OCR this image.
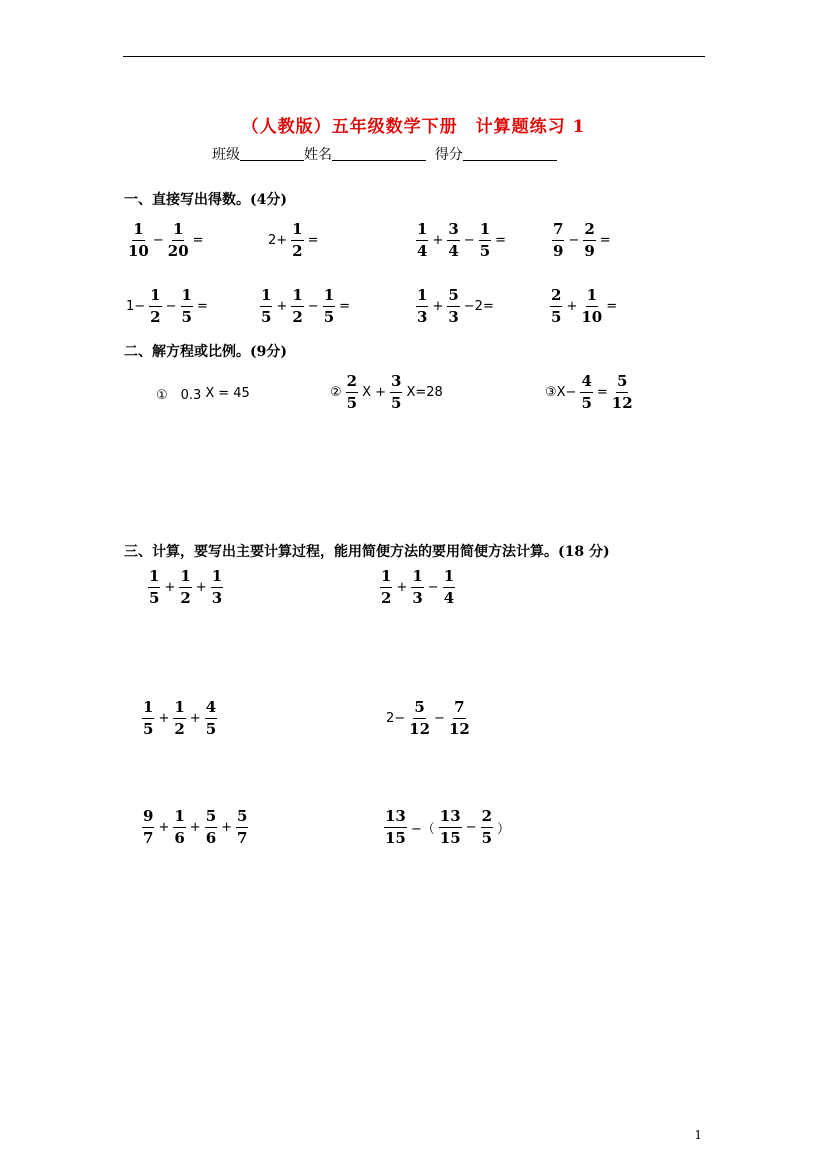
（人教版）五年级数学下册　计算题练习 1
班级	姓名	得分
一、直接写出得数。(4分)
$\frac{1}{10} - \frac{1}{20}$ =	$2+ \frac{1}{2}$ =	$\frac{1}{4} + \frac{3}{4} - \frac{1}{5}$ =	$\frac{7}{9} - \frac{2}{9}$ =
$1- \frac{1}{2} - \frac{1}{5}$ =	$\frac{1}{5} + \frac{1}{2} - \frac{1}{5}$ =	$\frac{1}{3} + \frac{5}{3} -2=$	$\frac{2}{5} + \frac{1}{10}$ =
二、解方程或比例。(9分)
①　0.3 Χ = 45	② $\frac{2}{5}$ $X + \frac{3}{5} X=28$	③Χ− $\frac{4}{5} = \frac{5}{12}$
三、计算，要写出主要计算过程，能用简便方法的要用简便方法计算。(18 分)
$\frac{1}{5} + \frac{1}{2} + \frac{1}{3}$	$\frac{1}{2} + \frac{1}{3} - \frac{1}{4}$
$\frac{1}{5} + \frac{1}{2} + \frac{4}{5}$	$2- \frac{5}{12} - \frac{7}{12}$
$\frac{9}{7} + \frac{1}{6} + \frac{5}{6} + \frac{5}{7}$	$\frac{13}{15}$ −（ $\frac{13}{15} - \frac{2}{5}$ ）
1
